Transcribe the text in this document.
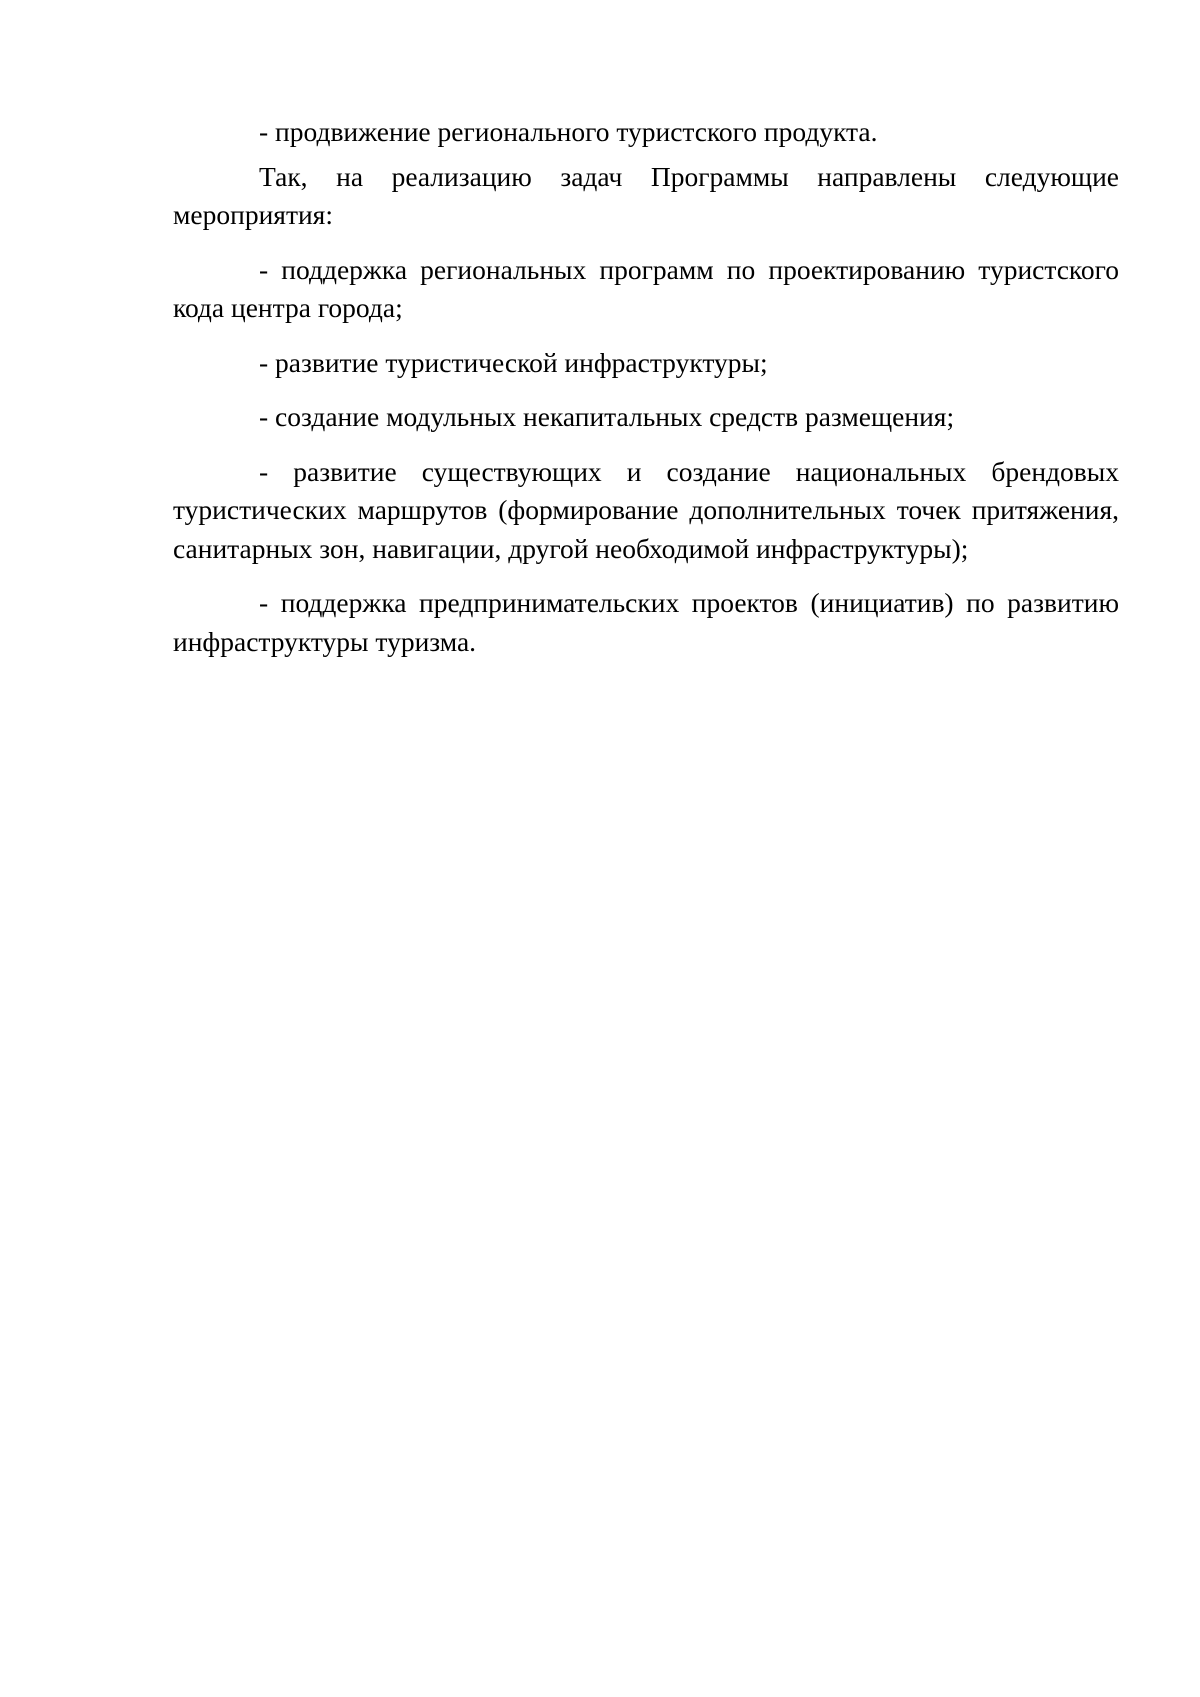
- продвижение регионального туристского продукта.

Так, на реализацию задач Программы направлены следующие мероприятия:

- поддержка региональных программ по проектированию туристского кода центра города;

- развитие туристической инфраструктуры;

- создание модульных некапитальных средств размещения;

- развитие существующих и создание национальных брендовых туристических маршрутов (формирование дополнительных точек притяжения, санитарных зон, навигации, другой необходимой инфраструктуры);

- поддержка предпринимательских проектов (инициатив) по развитию инфраструктуры туризма.
